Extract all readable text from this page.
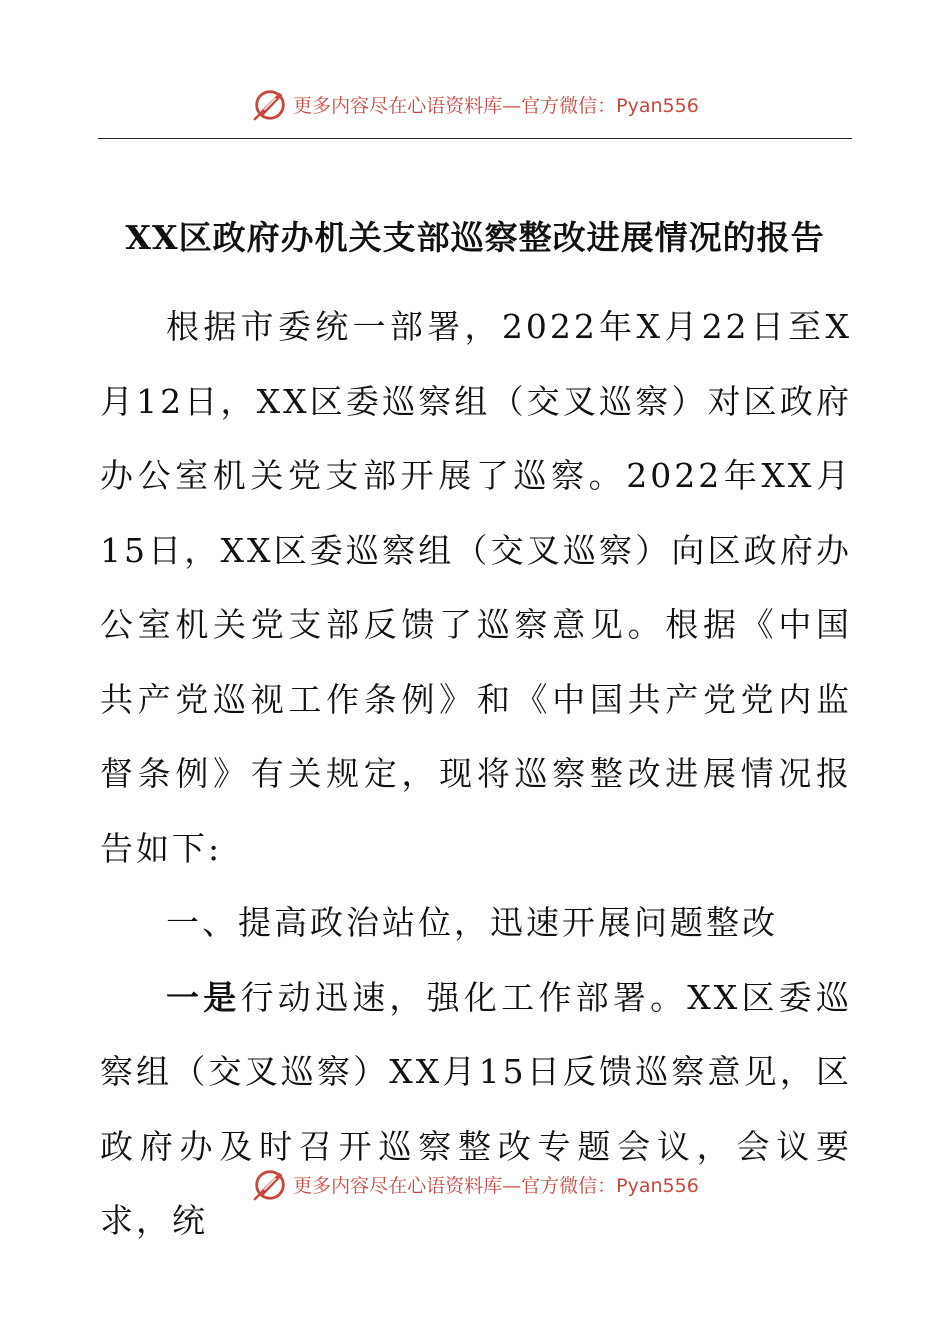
更多内容尽在心语资料库—官方微信：Pyan556
XX区政府办机关支部巡察整改进展情况的报告

根据市委统一部署，2022年X月22日至X月12日，XX区委巡察组（交叉巡察）对区政府办公室机关党支部开展了巡察。2022年XX月15日，XX区委巡察组（交叉巡察）向区政府办公室机关党支部反馈了巡察意见。根据《中国共产党巡视工作条例》和《中国共产党党内监督条例》有关规定，现将巡察整改进展情况报告如下:

一、提高政治站位，迅速开展问题整改

一是行动迅速，强化工作部署。XX区委巡察组（交叉巡察）XX月15日反馈巡察意见，区政府办及时召开巡察整改专题会议，会议要求，统

更多内容尽在心语资料库—官方微信：Pyan556
